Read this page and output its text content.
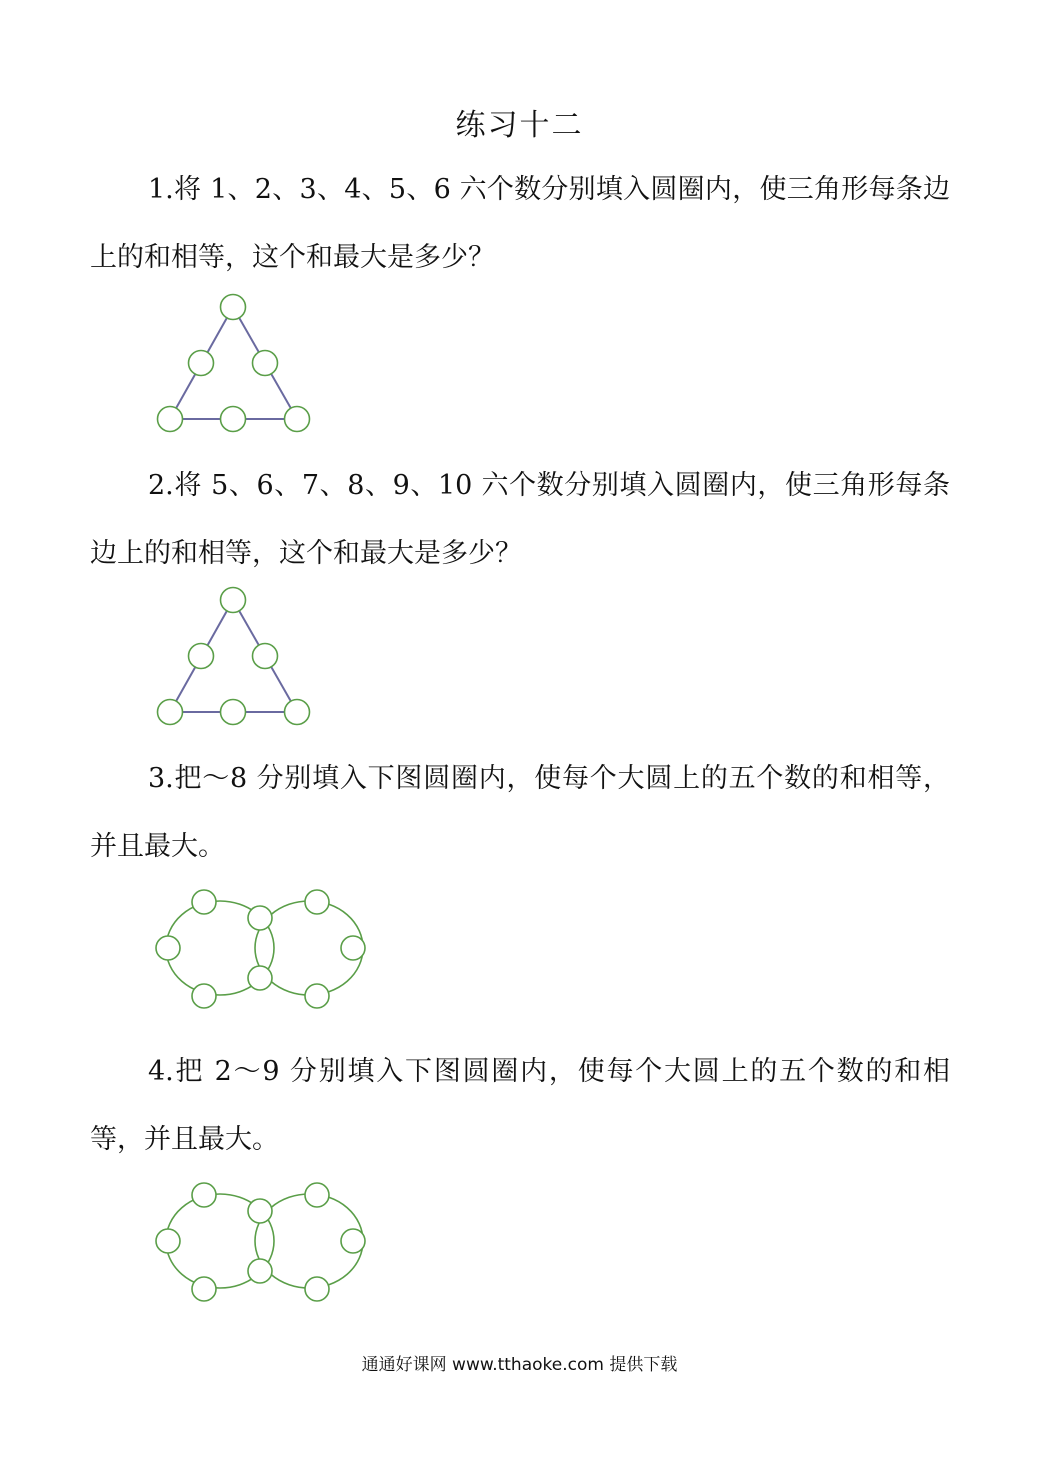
练习十二

1.将 1、2、3、4、5、6 六个数分别填入圆圈内，使三角形每条边上的和相等，这个和最大是多少？

2.将 5、6、7、8、9、10 六个数分别填入圆圈内，使三角形每条边上的和相等，这个和最大是多少？

3.把～8 分别填入下图圆圈内，使每个大圆上的五个数的和相等，并且最大。

4.把 2～9 分别填入下图圆圈内，使每个大圆上的五个数的和相等，并且最大。

通通好课网 www.tthaoke.com 提供下载
